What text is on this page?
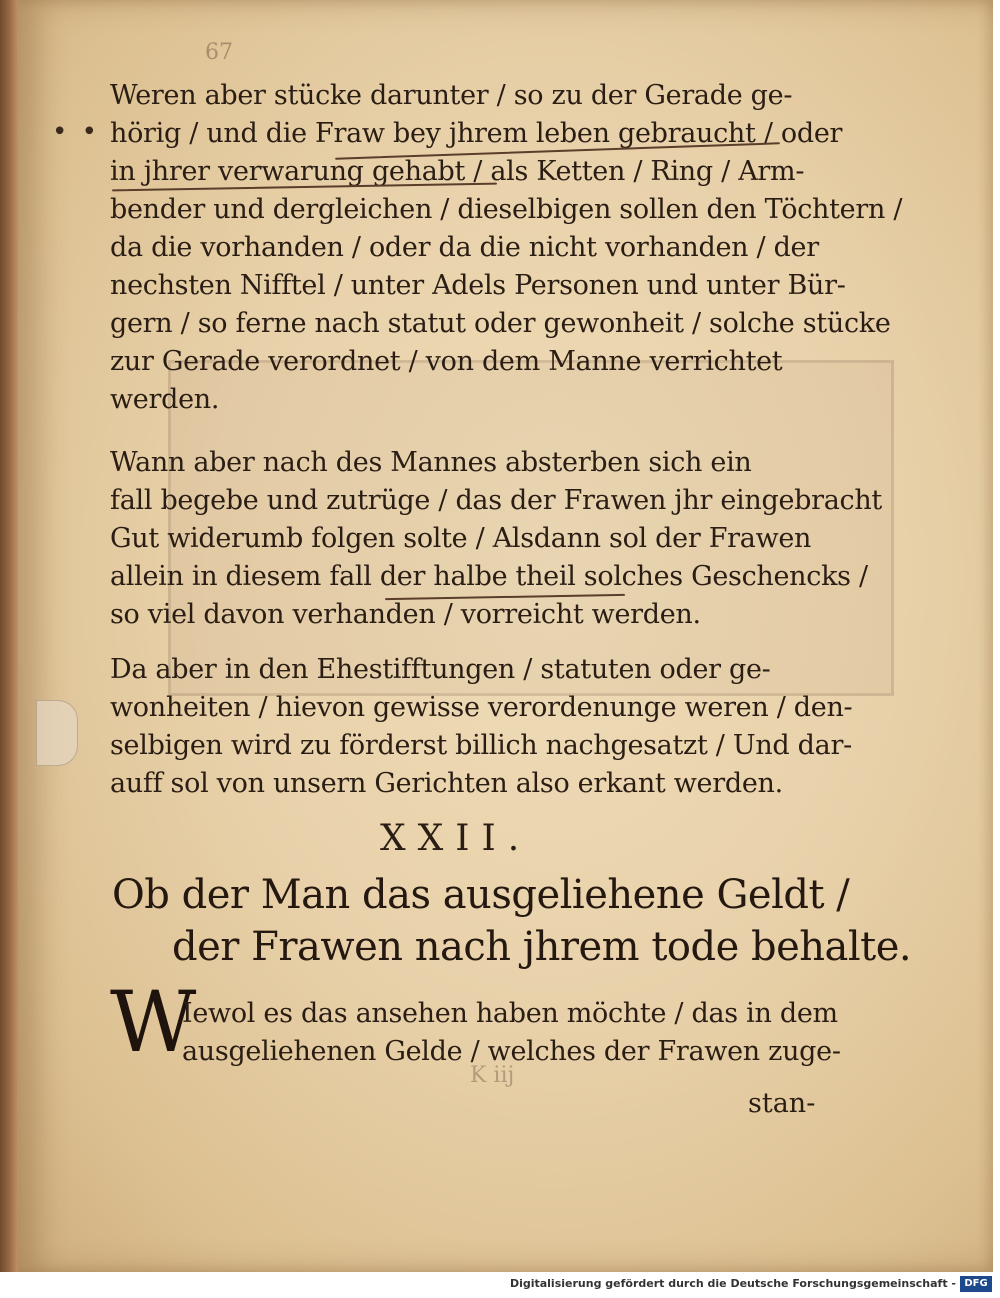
67
• •
Weren aber stücke darunter / so zu der Gerade ge-
hörig / und die Fraw bey jhrem leben gebraucht / oder
in jhrer verwarung gehabt / als Ketten / Ring / Arm-
bender und dergleichen / dieselbigen sollen den Töchtern /
da die vorhanden / oder da die nicht vorhanden / der
nechsten Nifftel / unter Adels Personen und unter Bür-
gern / so ferne nach statut oder gewonheit / solche stücke
zur Gerade verordnet / von dem Manne verrichtet
werden.
Wann aber nach des Mannes absterben sich ein
fall begebe und zutrüge / das der Frawen jhr eingebracht
Gut widerumb folgen solte / Alsdann sol der Frawen
allein in diesem fall der halbe theil solches Geschencks /
so viel davon verhanden / vorreicht werden.
Da aber in den Ehestifftungen / statuten oder ge-
wonheiten / hievon gewisse verordenunge weren / den-
selbigen wird zu förderst billich nachgesatzt / Und dar-
auff sol von unsern Gerichten also erkant werden.
XXII.
Ob der Man das ausgeliehene Geldt /
der Frawen nach jhrem tode behalte.
W
Iewol es das ansehen haben möchte / das in dem
ausgeliehenen Gelde / welches der Frawen zuge-
K iij
stan-
Digitalisierung gefördert durch die Deutsche Forschungsgemeinschaft - DFG
